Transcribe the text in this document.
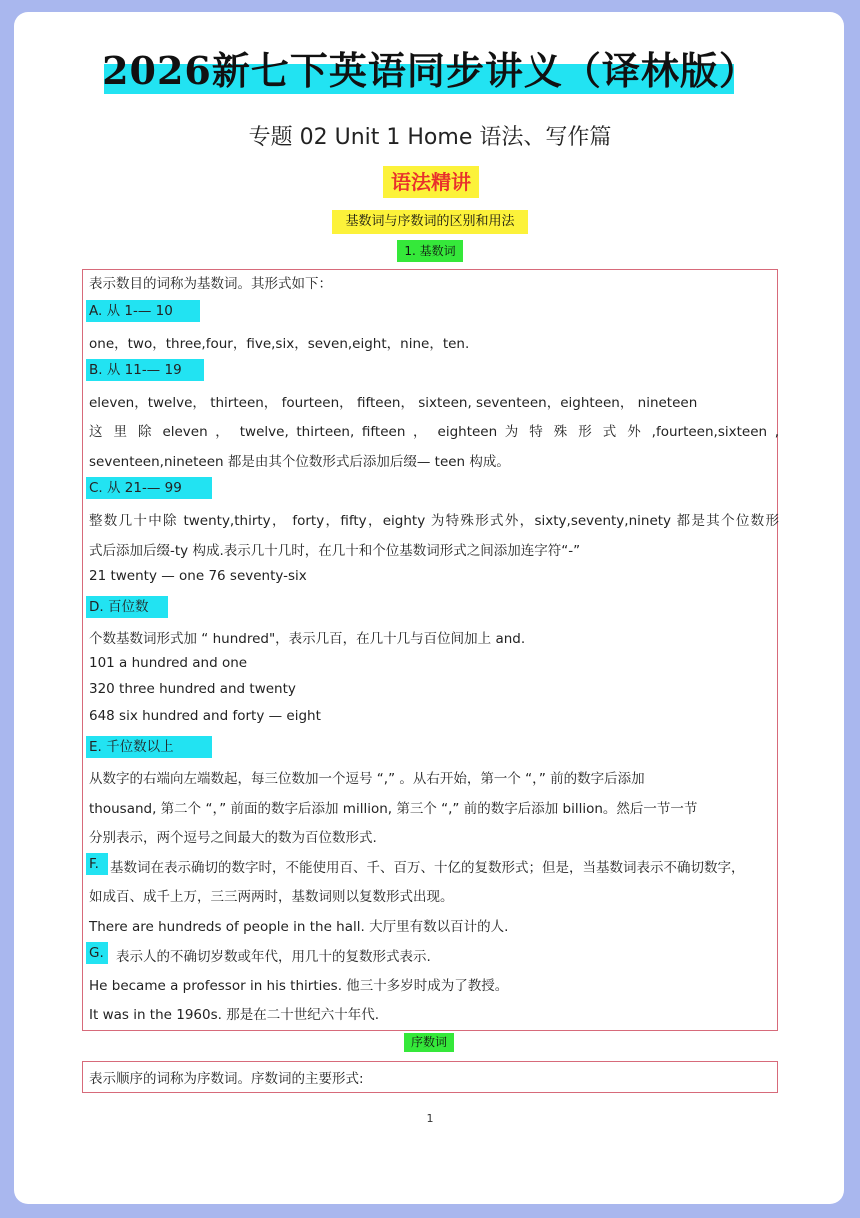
2026新七下英语同步讲义（译林版）
专题 02 Unit 1 Home 语法、写作篇
语法精讲
基数词与序数词的区别和用法
1. 基数词
表示数目的词称为基数词。其形式如下：
A. 从 1-— 10
one，two，three,four，five,six，seven,eight，nine，ten.
B. 从 11-— 19
eleven，twelve， thirteen， fourteen， fifteen， sixteen, seventeen，eighteen， nineteen
这 里 除 eleven ， twelve, thirteen, fifteen ， eighteen 为 特 殊 形 式 外 ,fourteen,sixteen ,
seventeen,nineteen 都是由其个位数形式后添加后缀— teen 构成。
C. 从 21-— 99
整数几十中除 twenty,thirty， forty，fifty，eighty 为特殊形式外，sixty,seventy,ninety 都是其个位数形
式后添加后缀-ty 构成.表示几十几时，在几十和个位基数词形式之间添加连字符“-”
21 twenty — one 76 seventy-six
D. 百位数
个数基数词形式加 “ hundred"，表示几百，在几十几与百位间加上 and.
101 a hundred and one
320 three hundred and twenty
648 six hundred and forty — eight
E. 千位数以上
从数字的右端向左端数起，每三位数加一个逗号 “,” 。从右开始，第一个 “，” 前的数字后添加
thousand, 第二个 “，” 前面的数字后添加 million, 第三个 “,” 前的数字后添加 billion。然后一节一节
分别表示，两个逗号之间最大的数为百位数形式.
F. 基数词在表示确切的数字时，不能使用百、千、百万、十亿的复数形式；但是，当基数词表示不确切数字，
如成百、成千上万，三三两两时，基数词则以复数形式出现。
There are hundreds of people in the hall. 大厅里有数以百计的人.
G. 表示人的不确切岁数或年代，用几十的复数形式表示.
He became a professor in his thirties. 他三十多岁时成为了教授。
It was in the 1960s. 那是在二十世纪六十年代.
序数词
表示顺序的词称为序数词。序数词的主要形式:
1
